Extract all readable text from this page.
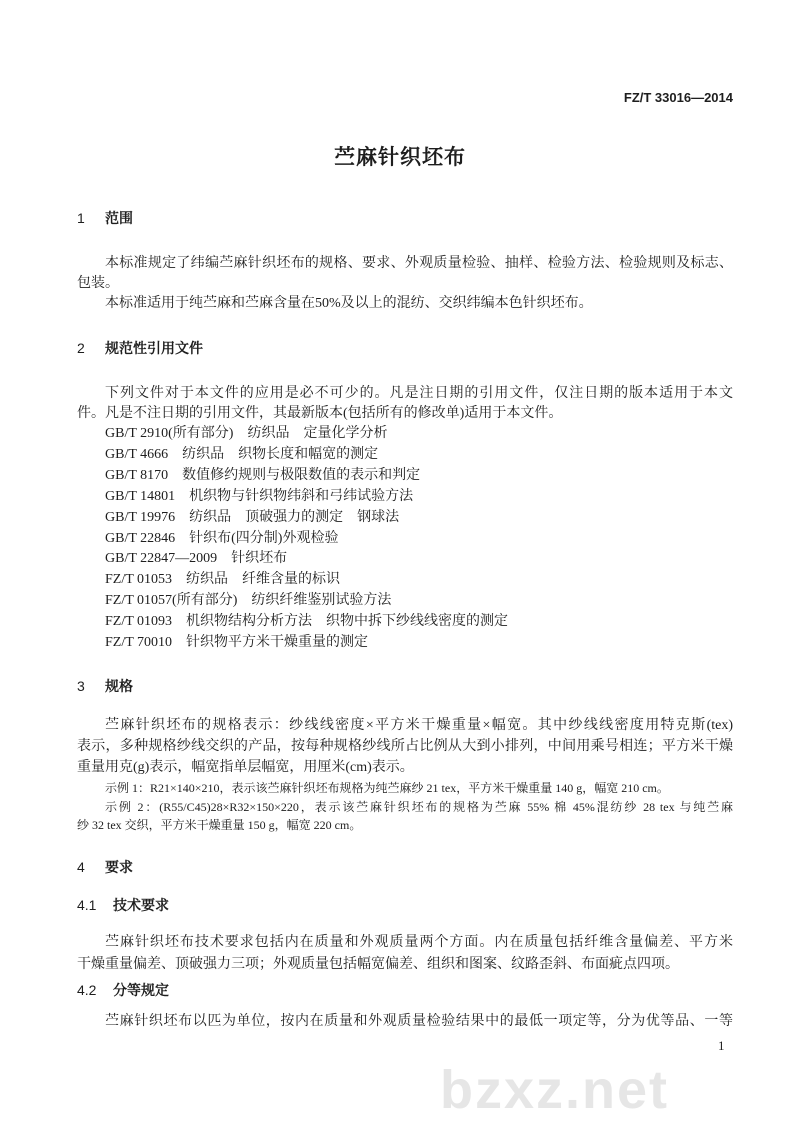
bzxz.net
FZ/T 33016—2014
苎麻针织坯布
1 范围
本标准规定了纬编苎麻针织坯布的规格、要求、外观质量检验、抽样、检验方法、检验规则及标志、
包装。
本标准适用于纯苎麻和苎麻含量在50%及以上的混纺、交织纬编本色针织坯布。
2 规范性引用文件
下列文件对于本文件的应用是必不可少的。凡是注日期的引用文件，仅注日期的版本适用于本文
件。凡是不注日期的引用文件，其最新版本(包括所有的修改单)适用于本文件。
GB/T 2910(所有部分) 纺织品　定量化学分析
GB/T 4666 纺织品　织物长度和幅宽的测定
GB/T 8170 数值修约规则与极限数值的表示和判定
GB/T 14801 机织物与针织物纬斜和弓纬试验方法
GB/T 19976 纺织品　顶破强力的测定　钢球法
GB/T 22846 针织布(四分制)外观检验
GB/T 22847—2009 针织坯布
FZ/T 01053 纺织品　纤维含量的标识
FZ/T 01057(所有部分) 纺织纤维鉴别试验方法
FZ/T 01093 机织物结构分析方法　织物中拆下纱线线密度的测定
FZ/T 70010 针织物平方米干燥重量的测定
3 规格
苎麻针织坯布的规格表示：纱线线密度×平方米干燥重量×幅宽。其中纱线线密度用特克斯(tex)
表示，多种规格纱线交织的产品，按每种规格纱线所占比例从大到小排列，中间用乘号相连；平方米干燥
重量用克(g)表示，幅宽指单层幅宽，用厘米(cm)表示。
示例 1：R21×140×210，表示该苎麻针织坯布规格为纯苎麻纱 21 tex，平方米干燥重量 140 g，幅宽 210 cm。
示例 2：(R55/C45)28×R32×150×220，表示该苎麻针织坯布的规格为苎麻 55% 棉 45%混纺纱 28 tex 与纯苎麻
纱 32 tex 交织，平方米干燥重量 150 g，幅宽 220 cm。
4 要求
4.1 技术要求
苎麻针织坯布技术要求包括内在质量和外观质量两个方面。内在质量包括纤维含量偏差、平方米
干燥重量偏差、顶破强力三项；外观质量包括幅宽偏差、组织和图案、纹路歪斜、布面疵点四项。
4.2 分等规定
苎麻针织坯布以匹为单位，按内在质量和外观质量检验结果中的最低一项定等，分为优等品、一等
1
